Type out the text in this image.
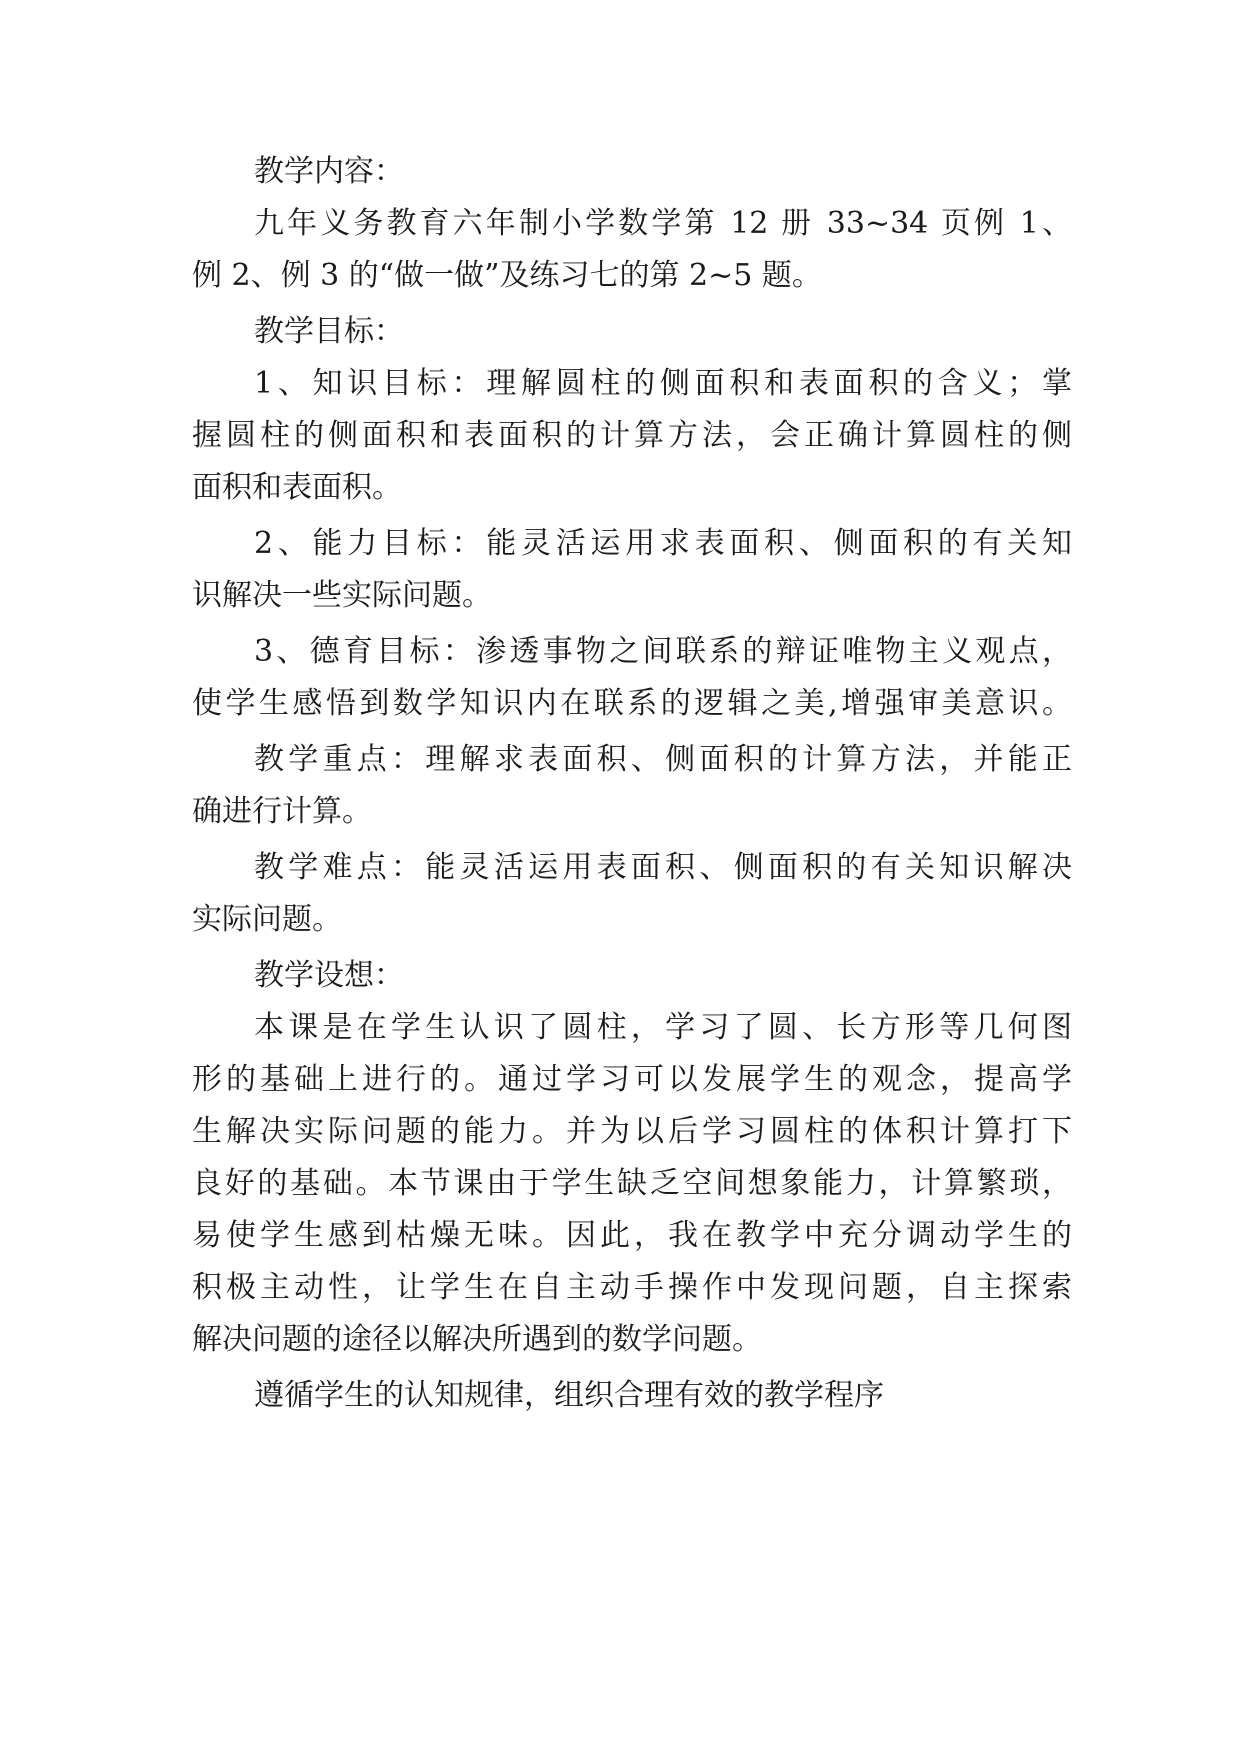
教学内容：
九年义务教育六年制小学数学第 12 册 33~34 页例 1、
例 2、例 3 的“做一做”及练习七的第 2~5 题。
教学目标：
1、知识目标：理解圆柱的侧面积和表面积的含义；掌
握圆柱的侧面积和表面积的计算方法，会正确计算圆柱的侧
面积和表面积。
2、能力目标：能灵活运用求表面积、侧面积的有关知
识解决一些实际问题。
3、德育目标：渗透事物之间联系的辩证唯物主义观点，
使学生感悟到数学知识内在联系的逻辑之美,增强审美意识。
教学重点：理解求表面积、侧面积的计算方法，并能正
确进行计算。
教学难点：能灵活运用表面积、侧面积的有关知识解决
实际问题。
教学设想：
本课是在学生认识了圆柱，学习了圆、长方形等几何图
形的基础上进行的。通过学习可以发展学生的观念，提高学
生解决实际问题的能力。并为以后学习圆柱的体积计算打下
良好的基础。本节课由于学生缺乏空间想象能力，计算繁琐，
易使学生感到枯燥无味。因此，我在教学中充分调动学生的
积极主动性，让学生在自主动手操作中发现问题，自主探索
解决问题的途径以解决所遇到的数学问题。
遵循学生的认知规律，组织合理有效的教学程序
